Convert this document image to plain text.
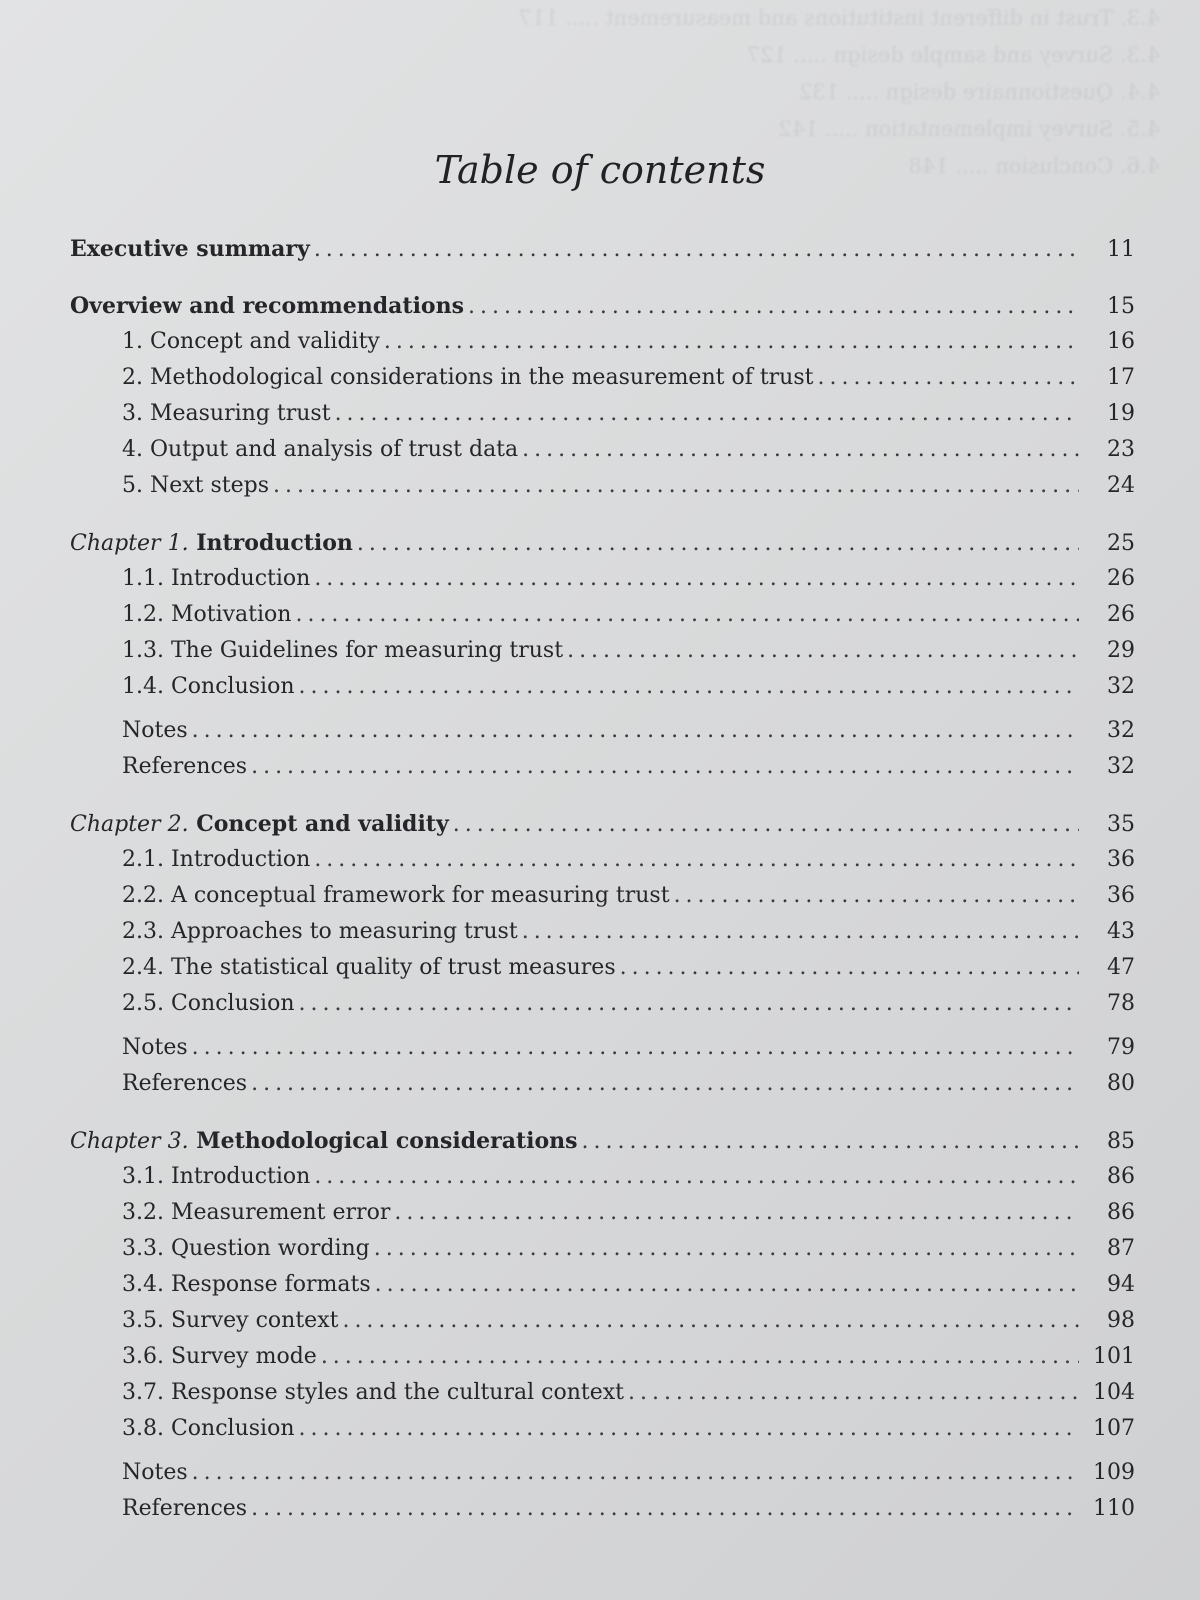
4.3. Trust in different institutions and measurement ..... 117
4.3. Survey and sample design ..... 127
4.4. Questionnaire design ..... 132
4.5. Survey implementation ..... 142
4.6. Conclusion ..... 148
Table of contents
Executive summary . . .	11
Overview and recommendations . . .	15
1. Concept and validity . . .	16
2. Methodological considerations in the measurement of trust . . .	17
3. Measuring trust . . .	19
4. Output and analysis of trust data . . .	23
5. Next steps . . .	24
Chapter 1. Introduction . . .	25
1.1. Introduction . . .	26
1.2. Motivation . . .	26
1.3. The Guidelines for measuring trust . . .	29
1.4. Conclusion . . .	32
Notes . . .	32
References . . .	32
Chapter 2. Concept and validity . . .	35
2.1. Introduction . . .	36
2.2. A conceptual framework for measuring trust . . .	36
2.3. Approaches to measuring trust . . .	43
2.4. The statistical quality of trust measures . . .	47
2.5. Conclusion . . .	78
Notes . . .	79
References . . .	80
Chapter 3. Methodological considerations . . .	85
3.1. Introduction . . .	86
3.2. Measurement error . . .	86
3.3. Question wording . . .	87
3.4. Response formats . . .	94
3.5. Survey context . . .	98
3.6. Survey mode . . .	101
3.7. Response styles and the cultural context . . .	104
3.8. Conclusion . . .	107
Notes . . .	109
References . . .	110
